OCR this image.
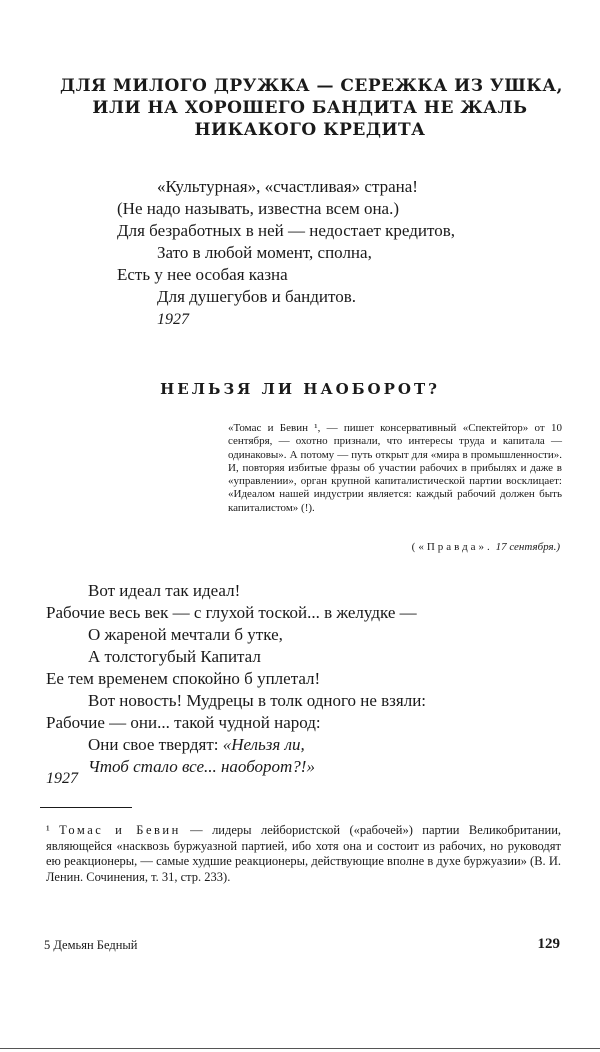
ДЛЯ МИЛОГО ДРУЖКА — СЕРЕЖКА ИЗ УШКА,
ИЛИ НА ХОРОШЕГО БАНДИТА НЕ ЖАЛЬ
НИКАКОГО КРЕДИТА
«Культурная», «счастливая» страна!
(Не надо называть, известна всем она.)
Для безработных в ней — недостает кредитов,
Зато в любой момент, сполна,
Есть у нее особая казна
Для душегубов и бандитов.
1927
НЕЛЬЗЯ ЛИ НАОБОРОТ?
«Томас и Бевин ¹, — пишет консервативный «Спектейтор» от 10 сентября, — охотно признали, что интересы труда и капитала — одинаковы». А потому — путь открыт для «мира в промышленности». И, повторяя избитые фразы об участии рабочих в прибылях и даже в «управлении», орган крупной капиталистической партии восклицает: «Идеалом нашей индустрии является: каждый рабочий должен быть капиталистом» (!).
(«Правда». 17 сентября.)
Вот идеал так идеал!
Рабочие весь век — с глухой тоской... в желудке —
О жареной мечтали б утке,
А толстогубый Капитал
Ее тем временем спокойно б уплетал!
Вот новость! Мудрецы в толк одного не взяли:
Рабочие — они... такой чудной народ:
Они свое твердят: «Нельзя ли,
Чтоб стало все... наоборот?!»
1927
¹ Томас и Бевин — лидеры лейбористской («рабочей») партии Великобритании, являющейся «насквозь буржуазной партией, ибо хотя она и состоит из рабочих, но руководят ею реакционеры, — самые худшие реакционеры, действующие вполне в духе буржуазии» (В. И. Ленин. Сочинения, т. 31, стр. 233).
5 Демьян Бедный	129
